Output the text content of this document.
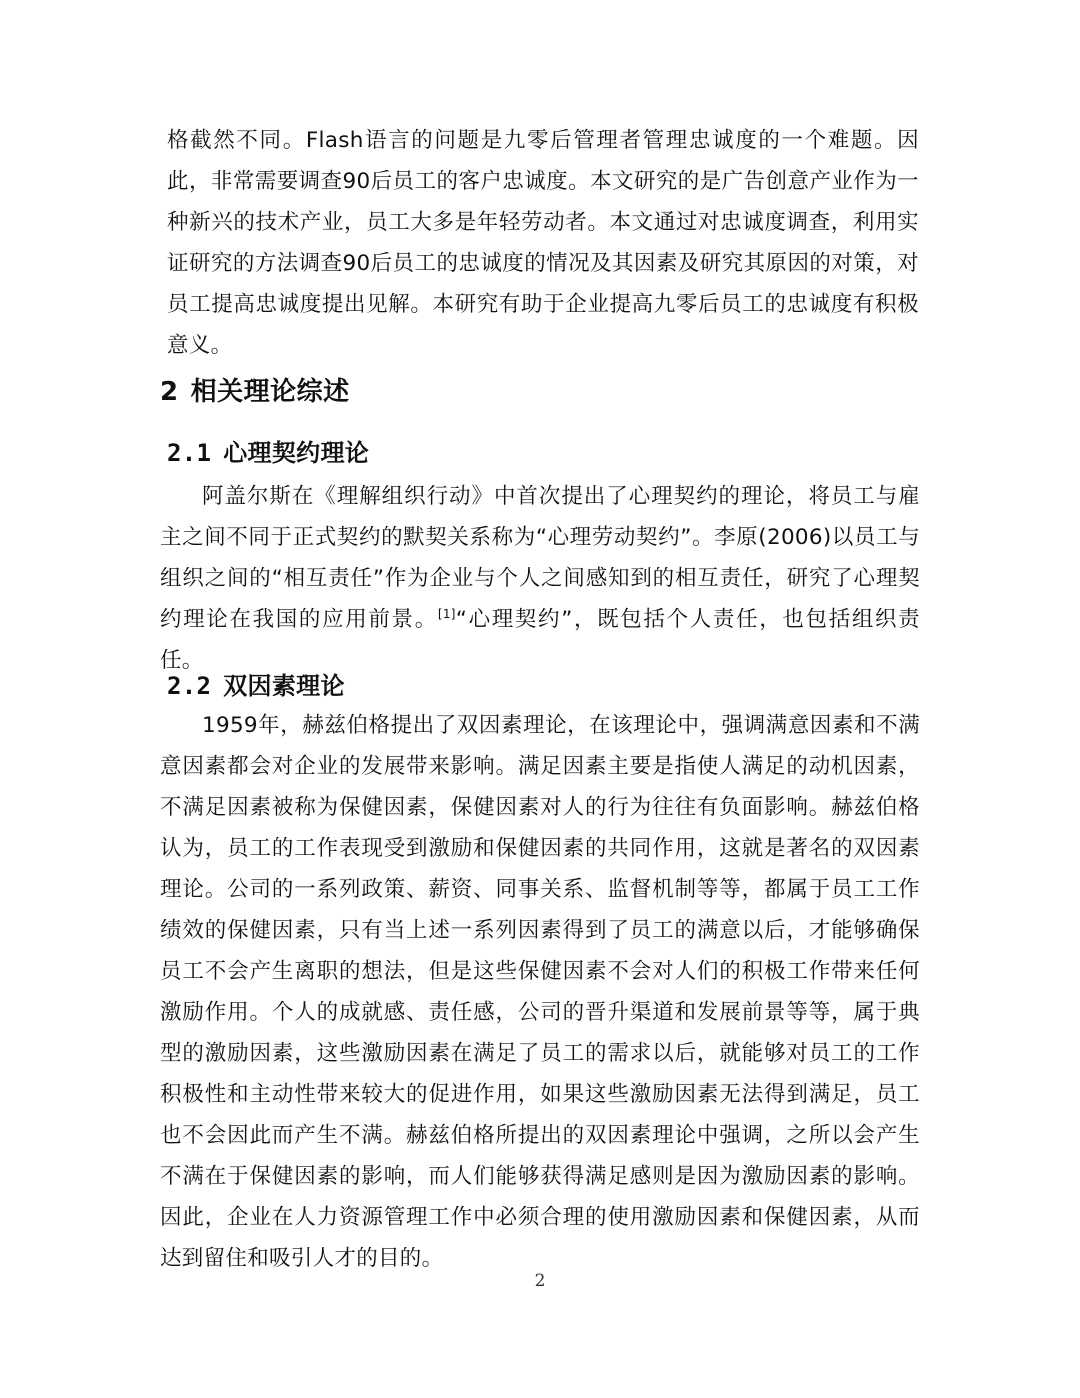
格截然不同。Flash语言的问题是九零后管理者管理忠诚度的一个难题。因此，非常需要调查90后员工的客户忠诚度。本文研究的是广告创意产业作为一种新兴的技术产业，员工大多是年轻劳动者。本文通过对忠诚度调查，利用实证研究的方法调查90后员工的忠诚度的情况及其因素及研究其原因的对策，对员工提高忠诚度提出见解。本研究有助于企业提高九零后员工的忠诚度有积极意义。

2 相关理论综述
2.1 心理契约理论

阿盖尔斯在《理解组织行动》中首次提出了心理契约的理论，将员工与雇主之间不同于正式契约的默契关系称为“心理劳动契约”。李原(2006)以员工与组织之间的“相互责任”作为企业与个人之间感知到的相互责任，研究了心理契约理论在我国的应用前景。[1]“心理契约”，既包括个人责任，也包括组织责任。

2.2 双因素理论

1959年，赫兹伯格提出了双因素理论，在该理论中，强调满意因素和不满意因素都会对企业的发展带来影响。满足因素主要是指使人满足的动机因素，不满足因素被称为保健因素，保健因素对人的行为往往有负面影响。赫兹伯格认为，员工的工作表现受到激励和保健因素的共同作用，这就是著名的双因素理论。公司的一系列政策、薪资、同事关系、监督机制等等，都属于员工工作绩效的保健因素，只有当上述一系列因素得到了员工的满意以后，才能够确保员工不会产生离职的想法，但是这些保健因素不会对人们的积极工作带来任何激励作用。个人的成就感、责任感，公司的晋升渠道和发展前景等等，属于典型的激励因素，这些激励因素在满足了员工的需求以后，就能够对员工的工作积极性和主动性带来较大的促进作用，如果这些激励因素无法得到满足，员工也不会因此而产生不满。赫兹伯格所提出的双因素理论中强调，之所以会产生不满在于保健因素的影响，而人们能够获得满足感则是因为激励因素的影响。因此，企业在人力资源管理工作中必须合理的使用激励因素和保健因素，从而达到留住和吸引人才的目的。

2
